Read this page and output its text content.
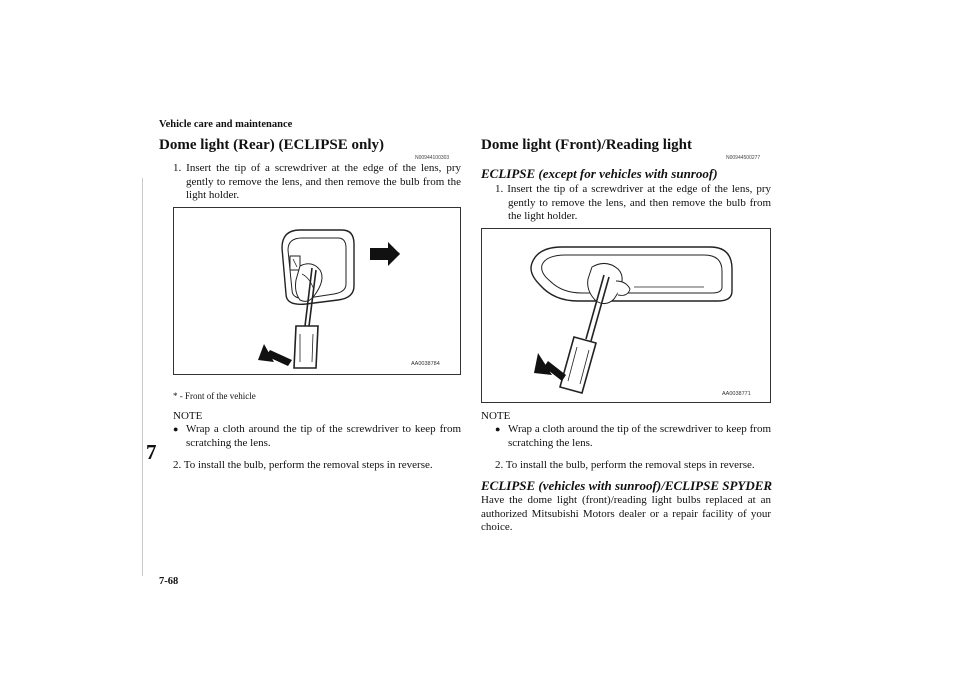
Vehicle care and maintenance
7-68
7
Dome light (Rear) (ECLIPSE only)
N00944100303
1. Insert the tip of a screwdriver at the edge of the lens, pry gently to remove the lens, and then remove the bulb from the light holder.
*
AA0038784
* - Front of the vehicle
NOTE
● Wrap a cloth around the tip of the screwdriver to keep from scratching the lens.
2. To install the bulb, perform the removal steps in reverse.
Dome light (Front)/Reading light
N00944500277

ECLIPSE (except for vehicles with sunroof)

1. Insert the tip of a screwdriver at the edge of the lens, pry gently to remove the lens, and then remove the bulb from the light holder.
AA0038771
NOTE
● Wrap a cloth around the tip of the screwdriver to keep from scratching the lens.
2. To install the bulb, perform the removal steps in reverse.

ECLIPSE (vehicles with sunroof)/ECLIPSE SPYDER

Have the dome light (front)/reading light bulbs replaced at an authorized Mitsubishi Motors dealer or a repair facility of your choice.
